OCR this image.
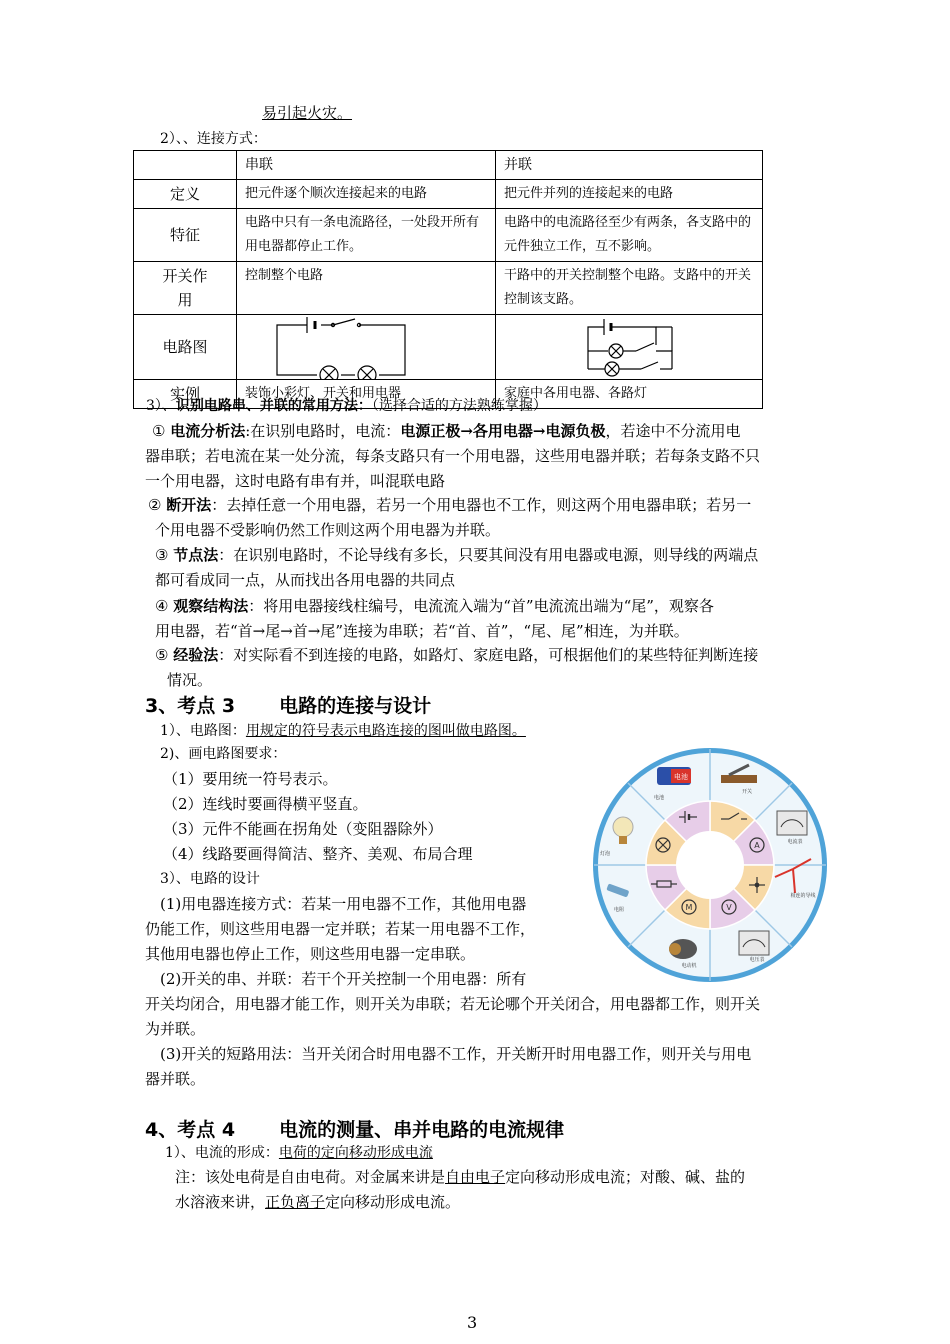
易引起火灾。
2）、、连接方式：
	串联	并联
定义	把元件逐个顺次连接起来的电路	把元件并列的连接起来的电路
特征	电路中只有一条电流路径，一处段开所有用电器都停止工作。	电路中的电流路径至少有两条，各支路中的元件独立工作，互不影响。
开关作用	控制整个电路	干路中的开关控制整个电路。支路中的开关控制该支路。
电路图	

实例	装饰小彩灯、开关和用电器	家庭中各用电器、各路灯
3）、识别电路串、并联的常用方法：（选择合适的方法熟练掌握）
① 电流分析法:在识别电路时，电流：电源正极→各用电器→电源负极，若途中不分流用电
器串联；若电流在某一处分流，每条支路只有一个用电器，这些用电器并联；若每条支路不只
一个用电器，这时电路有串有并，叫混联电路
② 断开法：去掉任意一个用电器，若另一个用电器也不工作，则这两个用电器串联；若另一
个用电器不受影响仍然工作则这两个用电器为并联。
③ 节点法：在识别电路时，不论导线有多长，只要其间没有用电器或电源，则导线的两端点
都可看成同一点，从而找出各用电器的共同点
④ 观察结构法：将用电器接线柱编号，电流流入端为“首”电流流出端为“尾”，观察各
用电器，若“首→尾→首→尾”连接为串联；若“首、首”，“尾、尾”相连，为并联。
⑤ 经验法：对实际看不到连接的电路，如路灯、家庭电路，可根据他们的某些特征判断连接
情况。
3、考点 3 电路的连接与设计
1）、电路图：用规定的符号表示电路连接的图叫做电路图。
2)、画电路图要求：
（1）要用统一符号表示。
（2）连线时要画得横平竖直。
（3）元件不能画在拐角处（变阻器除外）
（4）线路要画得简洁、整齐、美观、布局合理
3）、电路的设计
(1)用电器连接方式：若某一用电器不工作，其他用电器
仍能工作，则这些用电器一定并联；若某一用电器不工作，
其他用电器也停止工作，则这些用电器一定串联。
(2)开关的串、并联：若干个开关控制一个用电器：所有
开关均闭合，用电器才能工作，则开关为串联；若无论哪个开关闭合，用电器都工作，则开关
为并联。
(3)开关的短路用法：当开关闭合时用电器不工作，开关断开时用电器工作，则开关与用电
器并联。
A
V
M
电池
电池
开关
电流表
相连的导线
电压表
电动机
电阻
灯泡
4、考点 4 电流的测量、串并电路的电流规律
1）、电流的形成：电荷的定向移动形成电流
注：该处电荷是自由电荷。对金属来讲是自由电子定向移动形成电流；对酸、碱、盐的
水溶液来讲，正负离子定向移动形成电流。
3
